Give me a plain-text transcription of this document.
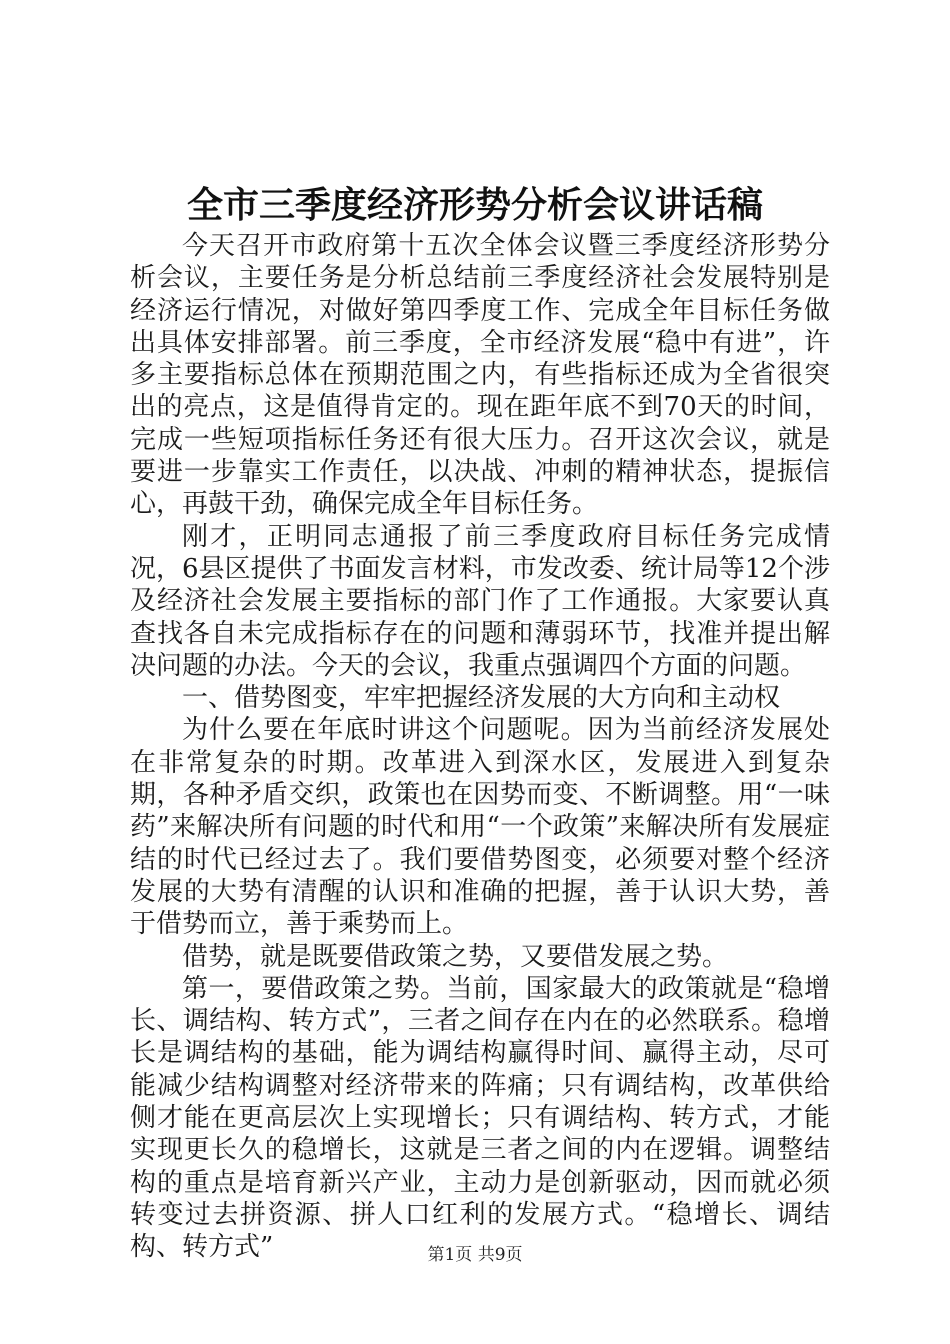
全市三季度经济形势分析会议讲话稿

今天召开市政府第十五次全体会议暨三季度经济形势分析会议，主要任务是分析总结前三季度经济社会发展特别是经济运行情况，对做好第四季度工作、完成全年目标任务做出具体安排部署。前三季度，全市经济发展“稳中有进”，许多主要指标总体在预期范围之内，有些指标还成为全省很突出的亮点，这是值得肯定的。现在距年底不到70天的时间，完成一些短项指标任务还有很大压力。召开这次会议，就是要进一步靠实工作责任，以决战、冲刺的精神状态，提振信心，再鼓干劲，确保完成全年目标任务。

刚才，正明同志通报了前三季度政府目标任务完成情况，6县区提供了书面发言材料，市发改委、统计局等12个涉及经济社会发展主要指标的部门作了工作通报。大家要认真查找各自未完成指标存在的问题和薄弱环节，找准并提出解决问题的办法。今天的会议，我重点强调四个方面的问题。

一、借势图变，牢牢把握经济发展的大方向和主动权

为什么要在年底时讲这个问题呢。因为当前经济发展处在非常复杂的时期。改革进入到深水区，发展进入到复杂期，各种矛盾交织，政策也在因势而变、不断调整。用“一味药”来解决所有问题的时代和用“一个政策”来解决所有发展症结的时代已经过去了。我们要借势图变，必须要对整个经济发展的大势有清醒的认识和准确的把握，善于认识大势，善于借势而立，善于乘势而上。

借势，就是既要借政策之势，又要借发展之势。

第一，要借政策之势。当前，国家最大的政策就是“稳增长、调结构、转方式”，三者之间存在内在的必然联系。稳增长是调结构的基础，能为调结构赢得时间、赢得主动，尽可能减少结构调整对经济带来的阵痛；只有调结构，改革供给侧才能在更高层次上实现增长；只有调结构、转方式，才能实现更长久的稳增长，这就是三者之间的内在逻辑。调整结构的重点是培育新兴产业，主动力是创新驱动，因而就必须转变过去拼资源、拼人口红利的发展方式。“稳增长、调结构、转方式”	第1页 共9页
